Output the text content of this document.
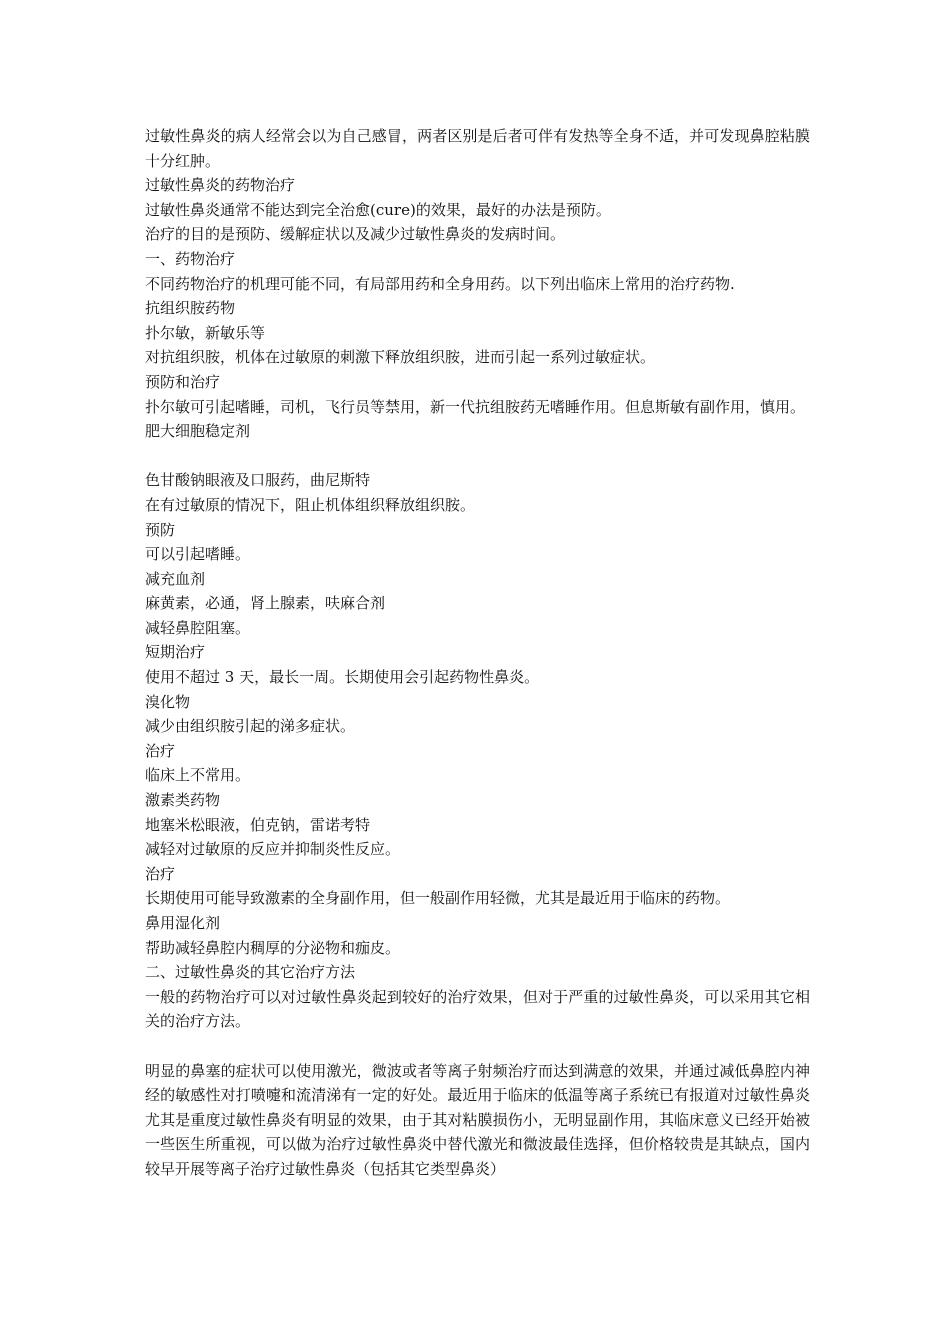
过敏性鼻炎的病人经常会以为自己感冒，两者区别是后者可伴有发热等全身不适，并可发现鼻腔粘膜十分红肿。

过敏性鼻炎的药物治疗

过敏性鼻炎通常不能达到完全治愈(cure)的效果，最好的办法是预防。

治疗的目的是预防、缓解症状以及减少过敏性鼻炎的发病时间。

一、药物治疗

不同药物治疗的机理可能不同，有局部用药和全身用药。以下列出临床上常用的治疗药物.

抗组织胺药物

扑尔敏，新敏乐等

对抗组织胺，机体在过敏原的刺激下释放组织胺，进而引起一系列过敏症状。

预防和治疗

扑尔敏可引起嗜睡，司机，飞行员等禁用，新一代抗组胺药无嗜睡作用。但息斯敏有副作用，慎用。

肥大细胞稳定剂

色甘酸钠眼液及口服药，曲尼斯特

在有过敏原的情况下，阻止机体组织释放组织胺。

预防

可以引起嗜睡。

减充血剂

麻黄素，必通，肾上腺素，呋麻合剂

减轻鼻腔阻塞。

短期治疗

使用不超过 3 天，最长一周。长期使用会引起药物性鼻炎。

溴化物

减少由组织胺引起的涕多症状。

治疗

临床上不常用。

激素类药物

地塞米松眼液，伯克钠，雷诺考特

减轻对过敏原的反应并抑制炎性反应。

治疗

长期使用可能导致激素的全身副作用，但一般副作用轻微，尤其是最近用于临床的药物。

鼻用湿化剂

帮助减轻鼻腔内稠厚的分泌物和痂皮。

二、过敏性鼻炎的其它治疗方法

一般的药物治疗可以对过敏性鼻炎起到较好的治疗效果，但对于严重的过敏性鼻炎，可以采用其它相关的治疗方法。

明显的鼻塞的症状可以使用激光，微波或者等离子射频治疗而达到满意的效果，并通过减低鼻腔内神经的敏感性对打喷嚏和流清涕有一定的好处。最近用于临床的低温等离子系统已有报道对过敏性鼻炎尤其是重度过敏性鼻炎有明显的效果，由于其对粘膜损伤小，无明显副作用，其临床意义已经开始被一些医生所重视，可以做为治疗过敏性鼻炎中替代激光和微波最佳选择，但价格较贵是其缺点，国内较早开展等离子治疗过敏性鼻炎（包括其它类型鼻炎）
